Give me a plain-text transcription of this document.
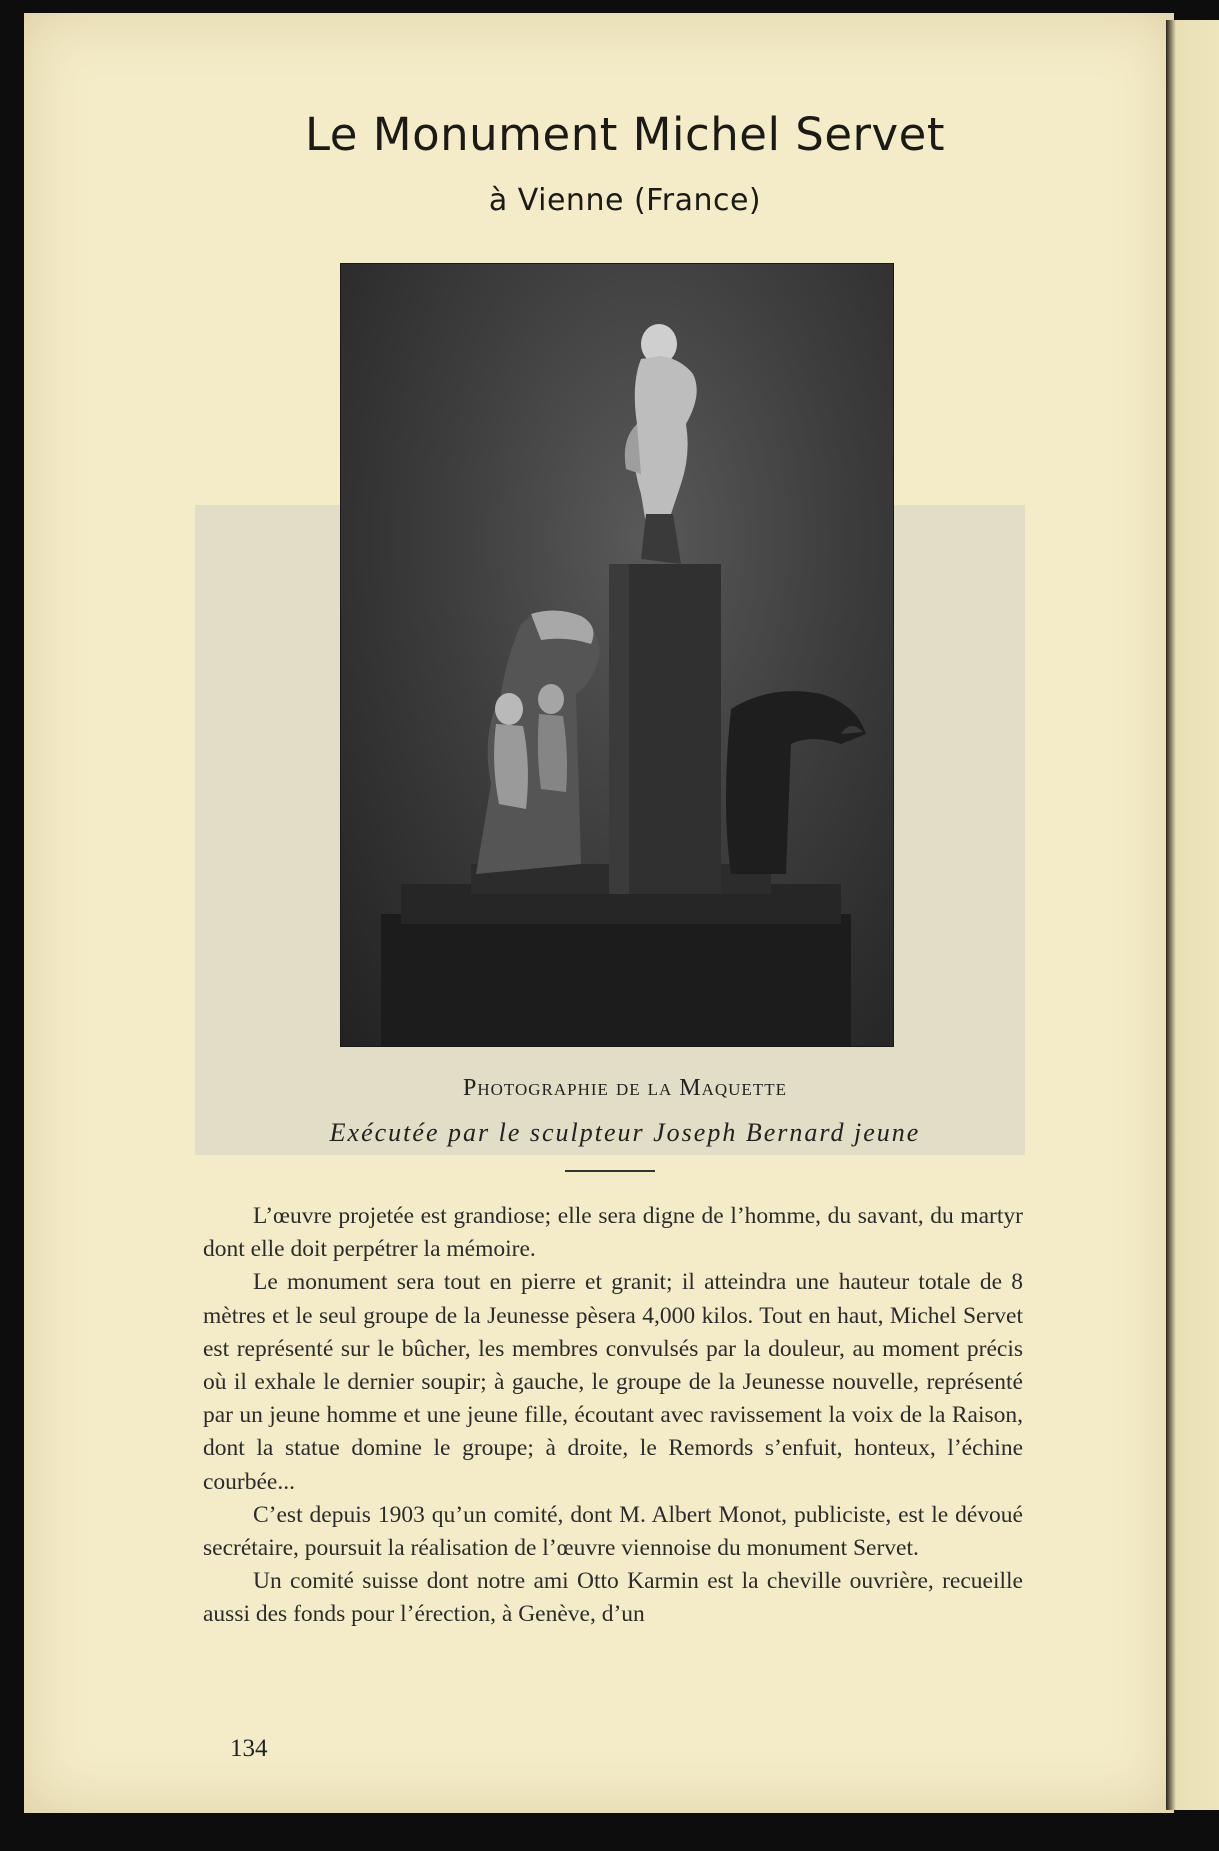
Le Monument Michel Servet
à Vienne (France)
Photographie de la Maquette
Exécutée par le sculpteur Joseph Bernard jeune

L’œuvre projetée est grandiose; elle sera digne de l’homme, du savant, du martyr dont elle doit perpétrer la mémoire.

Le monument sera tout en pierre et granit; il atteindra une hauteur totale de 8 mètres et le seul groupe de la Jeunesse pèsera 4,000 kilos. Tout en haut, Michel Servet est représenté sur le bûcher, les membres convulsés par la douleur, au moment précis où il exhale le dernier soupir; à gauche, le groupe de la Jeunesse nouvelle, représenté par un jeune homme et une jeune fille, écoutant avec ravissement la voix de la Raison, dont la statue domine le groupe; à droite, le Remords s’enfuit, honteux, l’échine courbée...

C’est depuis 1903 qu’un comité, dont M. Albert Monot, publiciste, est le dévoué secrétaire, poursuit la réalisation de l’œuvre viennoise du monument Servet.

Un comité suisse dont notre ami Otto Karmin est la cheville ouvrière, recueille aussi des fonds pour l’érection, à Genève, d’un

134
